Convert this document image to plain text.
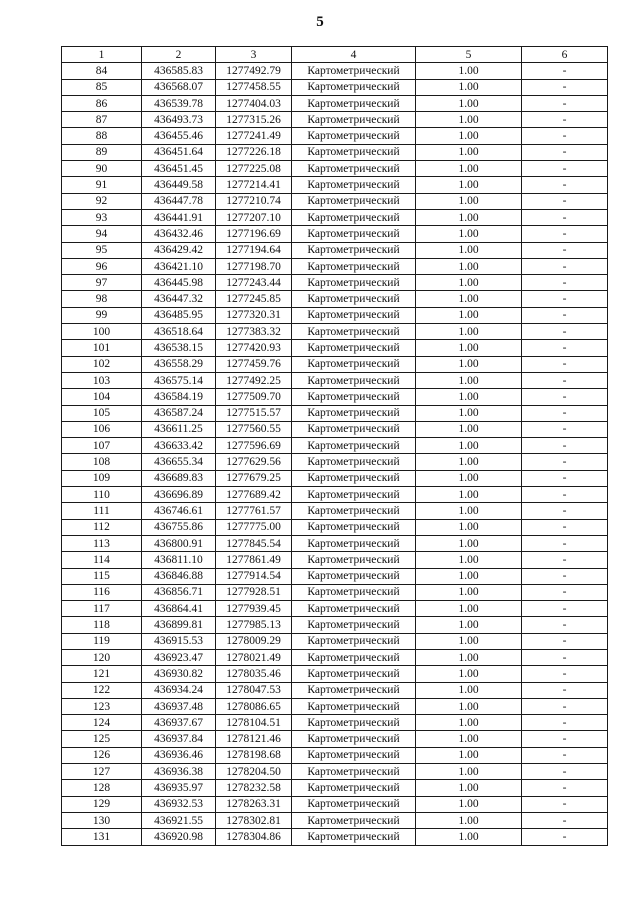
5
1	2	3	4	5	6
84	436585.83	1277492.79	Картометрический	1.00	-
85	436568.07	1277458.55	Картометрический	1.00	-
86	436539.78	1277404.03	Картометрический	1.00	-
87	436493.73	1277315.26	Картометрический	1.00	-
88	436455.46	1277241.49	Картометрический	1.00	-
89	436451.64	1277226.18	Картометрический	1.00	-
90	436451.45	1277225.08	Картометрический	1.00	-
91	436449.58	1277214.41	Картометрический	1.00	-
92	436447.78	1277210.74	Картометрический	1.00	-
93	436441.91	1277207.10	Картометрический	1.00	-
94	436432.46	1277196.69	Картометрический	1.00	-
95	436429.42	1277194.64	Картометрический	1.00	-
96	436421.10	1277198.70	Картометрический	1.00	-
97	436445.98	1277243.44	Картометрический	1.00	-
98	436447.32	1277245.85	Картометрический	1.00	-
99	436485.95	1277320.31	Картометрический	1.00	-
100	436518.64	1277383.32	Картометрический	1.00	-
101	436538.15	1277420.93	Картометрический	1.00	-
102	436558.29	1277459.76	Картометрический	1.00	-
103	436575.14	1277492.25	Картометрический	1.00	-
104	436584.19	1277509.70	Картометрический	1.00	-
105	436587.24	1277515.57	Картометрический	1.00	-
106	436611.25	1277560.55	Картометрический	1.00	-
107	436633.42	1277596.69	Картометрический	1.00	-
108	436655.34	1277629.56	Картометрический	1.00	-
109	436689.83	1277679.25	Картометрический	1.00	-
110	436696.89	1277689.42	Картометрический	1.00	-
111	436746.61	1277761.57	Картометрический	1.00	-
112	436755.86	1277775.00	Картометрический	1.00	-
113	436800.91	1277845.54	Картометрический	1.00	-
114	436811.10	1277861.49	Картометрический	1.00	-
115	436846.88	1277914.54	Картометрический	1.00	-
116	436856.71	1277928.51	Картометрический	1.00	-
117	436864.41	1277939.45	Картометрический	1.00	-
118	436899.81	1277985.13	Картометрический	1.00	-
119	436915.53	1278009.29	Картометрический	1.00	-
120	436923.47	1278021.49	Картометрический	1.00	-
121	436930.82	1278035.46	Картометрический	1.00	-
122	436934.24	1278047.53	Картометрический	1.00	-
123	436937.48	1278086.65	Картометрический	1.00	-
124	436937.67	1278104.51	Картометрический	1.00	-
125	436937.84	1278121.46	Картометрический	1.00	-
126	436936.46	1278198.68	Картометрический	1.00	-
127	436936.38	1278204.50	Картометрический	1.00	-
128	436935.97	1278232.58	Картометрический	1.00	-
129	436932.53	1278263.31	Картометрический	1.00	-
130	436921.55	1278302.81	Картометрический	1.00	-
131	436920.98	1278304.86	Картометрический	1.00	-
